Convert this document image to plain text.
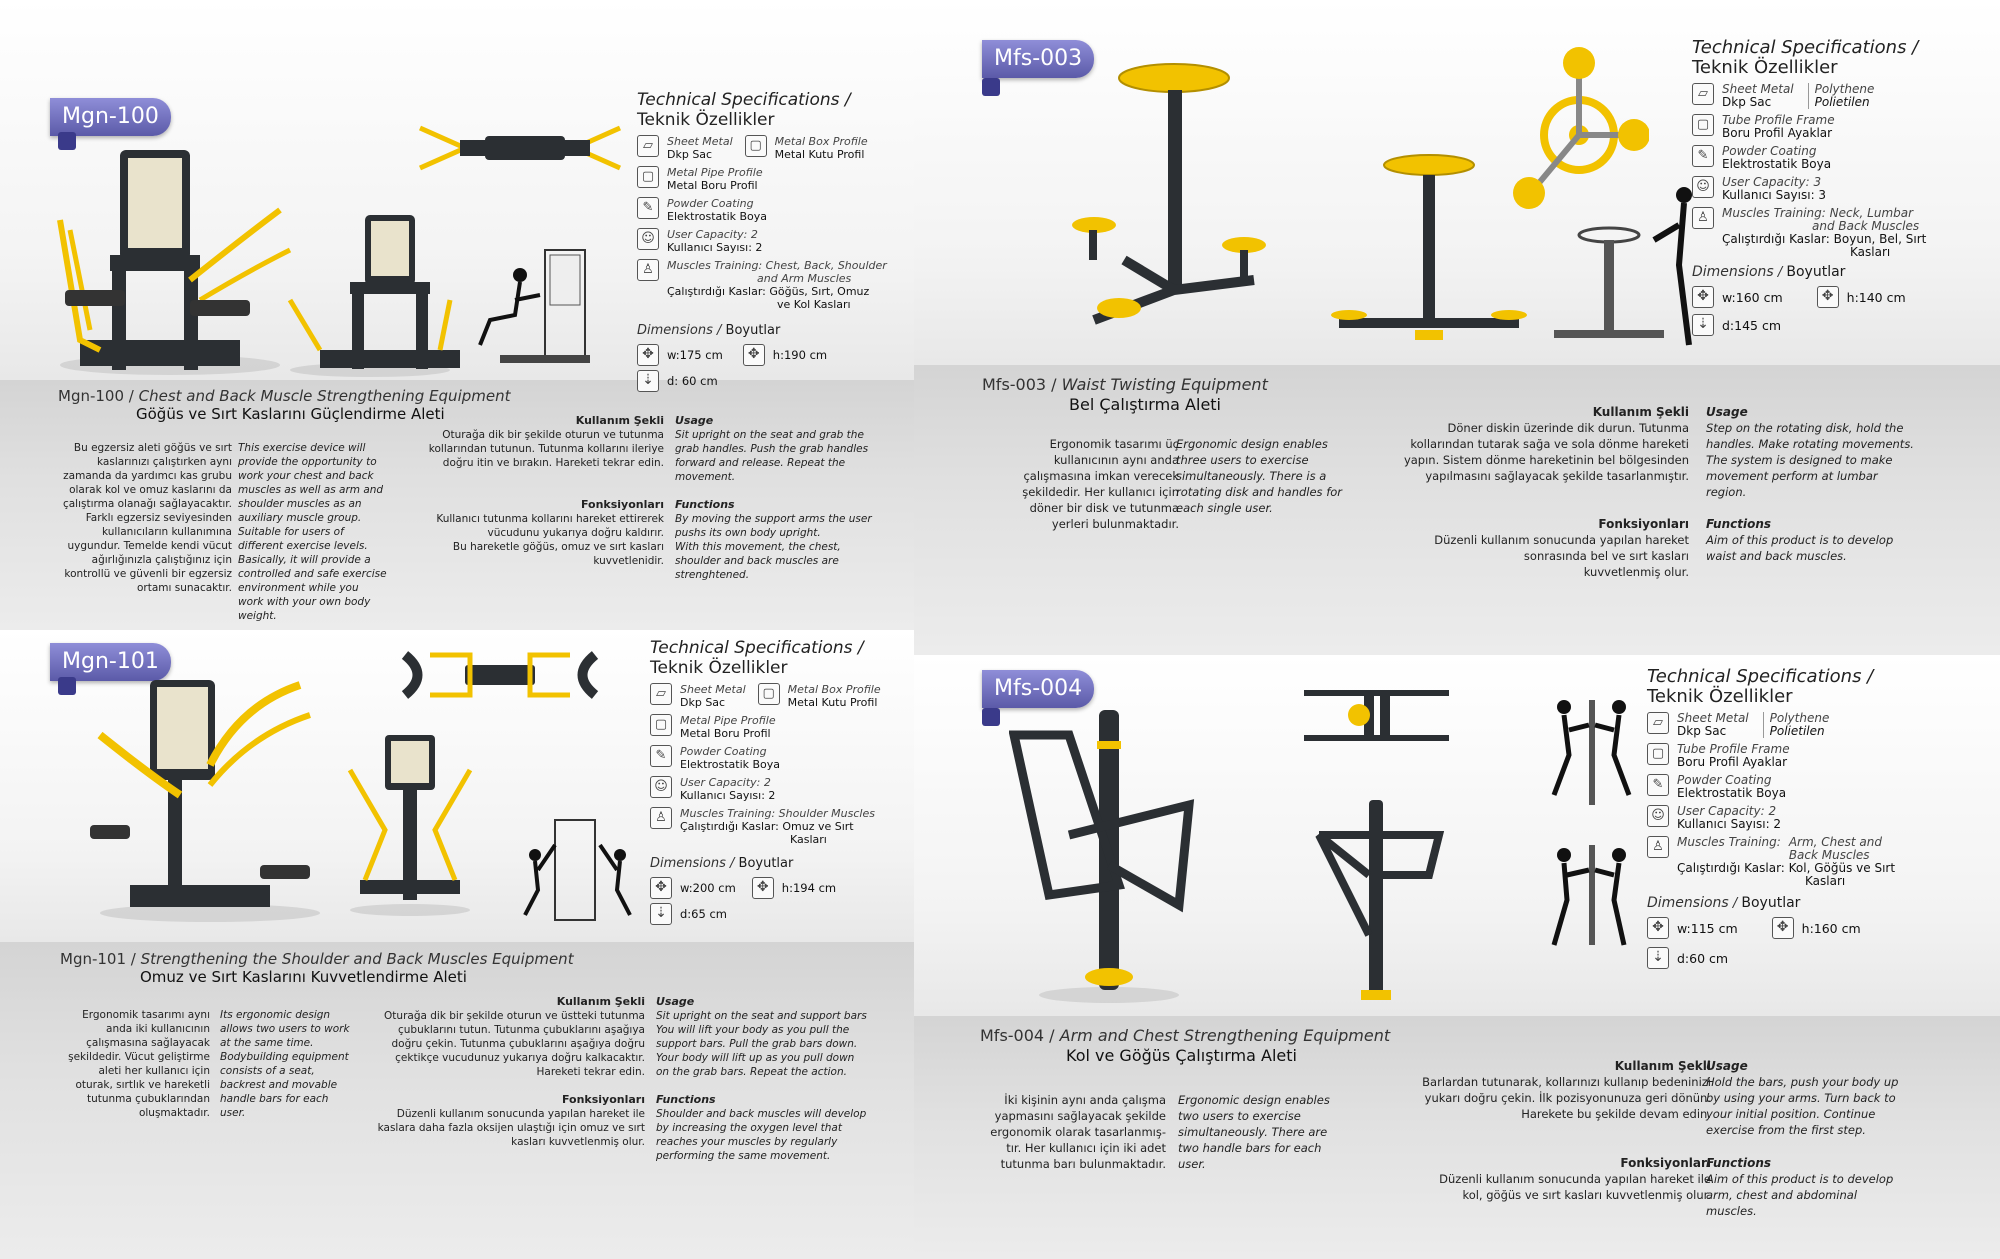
Mgn-100
Technical Specifications /
Teknik Özellikler
▱	Sheet Metal
Dkp Sac
▢	Metal Box Profile
Metal Kutu Profil
▢	Metal Pipe Profile
Metal Boru Profil
✎	Powder Coating
Elektrostatik Boya
☺	User Capacity: 2
Kullanıcı Sayısı: 2
♙	Muscles Training: Chest, Back, Shoulder
and Arm Muscles
Çalıştırdığı Kaslar: Göğüs, Sırt, Omuz
ve Kol Kasları
Dimensions / Boyutlar
✥	w:175 cm	✥	h:190 cm
⇣	d: 60 cm
Mgn-100 / Chest and Back Muscle Strengthening Equipment
Göğüs ve Sırt Kaslarını Güçlendirme Aleti
Bu egzersiz aleti göğüs ve sırt
kaslarınızı çalıştırken aynı
zamanda da yardımcı kas grubu
olarak kol ve omuz kaslarını da
çalıştırma olanağı sağlayacaktır.
Farklı egzersiz seviyesinden
kullanıcıların kullanımına
uygundur. Temelde kendi vücut
ağırlığınızla çalıştığınız için
kontrollü ve güvenli bir egzersiz
ortamı sunacaktır.
This exercise device will
provide the opportunity to
work your chest and back
muscles as well as arm and
shoulder muscles as an
auxiliary muscle group.
Suitable for users of
different exercise levels.
Basically, it will provide a
controlled and safe exercise
environment while you
work with your own body
weight.
Kullanım Şekli
Oturağa dik bir şekilde oturun ve tutunma
kollarından tutunun. Tutunma kollarını ileriye
doğru itin ve bırakın. Hareketi tekrar edin.
Usage
Sit upright on the seat and grab the
grab handles. Push the grab handles
forward and release. Repeat the
movement.
Fonksiyonları
Kullanıcı tutunma kollarını hareket ettirerek
vücudunu yukarıya doğru kaldırır.
Bu hareketle göğüs, omuz ve sırt kasları
kuvvetlenidir.
Functions
By moving the support arms the user
pushs its own body upright.
With this movement, the chest,
shoulder and back muscles are
strenghtened.
Mgn-101
Technical Specifications /
Teknik Özellikler
▱	Sheet Metal
Dkp Sac
▢	Metal Box Profile
Metal Kutu Profil
▢	Metal Pipe Profile
Metal Boru Profil
✎	Powder Coating
Elektrostatik Boya
☺	User Capacity: 2
Kullanıcı Sayısı: 2
♙	Muscles Training: Shoulder Muscles
Çalıştırdığı Kaslar: Omuz ve Sırt
Kasları
Dimensions / Boyutlar
✥	w:200 cm	✥	h:194 cm
⇣	d:65 cm
Mgn-101 / Strengthening the Shoulder and Back Muscles Equipment
Omuz ve Sırt Kaslarını Kuvvetlendirme Aleti
Ergonomik tasarımı aynı
anda iki kullanıcının
çalışmasına sağlayacak
şekildedir. Vücut geliştirme
aleti her kullanıcı için
oturak, sırtlık ve hareketli
tutunma çubuklarından
oluşmaktadır.
Its ergonomic design
allows two users to work
at the same time.
Bodybuilding equipment
consists of a seat,
backrest and movable
handle bars for each
user.
Kullanım Şekli
Oturağa dik bir şekilde oturun ve üstteki tutunma
çubuklarını tutun. Tutunma çubuklarını aşağıya
doğru çekin. Tutunma çubuklarını aşağıya doğru
çektikçe vucudunuz yukarıya doğru kalkacaktır.
Hareketi tekrar edin.
Usage
Sit upright on the seat and support bars
You will lift your body as you pull the
support bars. Pull the grab bars down.
Your body will lift up as you pull down
on the grab bars. Repeat the action.
Fonksiyonları
Düzenli kullanım sonucunda yapılan hareket ile
kaslara daha fazla oksijen ulaştığı için omuz ve sırt
kasları kuvvetlenmiş olur.
Functions
Shoulder and back muscles will develop
by increasing the oxygen level that
reaches your muscles by regularly
performing the same movement.
Mfs-003	Technical Specifications /
Teknik Özellikler
▱	Sheet Metal
Dkp Sac
Polythene
Polietilen
▢	Tube Profile Frame
Boru Profil Ayaklar
✎	Powder Coating
Elektrostatik Boya
☺	User Capacity: 3
Kullanıcı Sayısı: 3
♙	Muscles Training: Neck, Lumbar
and Back Muscles
Çalıştırdığı Kaslar: Boyun, Bel, Sırt
Kasları
Dimensions / Boyutlar
✥	w:160 cm	✥	h:140 cm
⇣	d:145 cm
Mfs-003 / Waist Twisting Equipment
Bel Çalıştırma Aleti
Ergonomik tasarımı üç
kullanıcının aynı anda
çalışmasına imkan verecek
şekildedir. Her kullanıcı için
döner bir disk ve tutunma
yerleri bulunmaktadır.
Ergonomic design enables
three users to exercise
simultaneously. There is a
rotating disk and handles for
each single user.
Kullanım Şekli
Döner diskin üzerinde dik durun. Tutunma
kollarından tutarak sağa ve sola dönme hareketi
yapın. Sistem dönme hareketinin bel bölgesinden
yapılmasını sağlayacak şekilde tasarlanmıştır.
Usage
Step on the rotating disk, hold the
handles. Make rotating movements.
The system is designed to make
movement perform at lumbar
region.
Fonksiyonları
Düzenli kullanım sonucunda yapılan hareket
sonrasında bel ve sırt kasları
kuvvetlenmiş olur.
Functions
Aim of this product is to develop
waist and back muscles.
Mfs-004	Technical Specifications /
Teknik Özellikler
▱	Sheet Metal
Dkp Sac
Polythene
Polietilen
▢	Tube Profile Frame
Boru Profil Ayaklar
✎	Powder Coating
Elektrostatik Boya
☺	User Capacity: 2
Kullanıcı Sayısı: 2
♙	Muscles Training: Arm, Chest and
Back Muscles
Çalıştırdığı Kaslar: Kol, Göğüs ve Sırt
Kasları
Dimensions / Boyutlar
✥	w:115 cm	✥	h:160 cm
⇣	d:60 cm
Mfs-004 / Arm and Chest Strengthening Equipment
Kol ve Göğüs Çalıştırma Aleti
İki kişinin aynı anda çalışma
yapmasını sağlayacak şekilde
ergonomik olarak tasarlanmış-
tır. Her kullanıcı için iki adet
tutunma barı bulunmaktadır.
Ergonomic design enables
two users to exercise
simultaneously. There are
two handle bars for each
user.
Kullanım Şekli
Barlardan tutunarak, kollarınızı kullanıp bedeninizi
yukarı doğru çekin. İlk pozisyonunuza geri dönün.
Harekete bu şekilde devam edin.
Usage
Hold the bars, push your body up
by using your arms. Turn back to
your initial position. Continue
exercise from the first step.
Fonksiyonları
Düzenli kullanım sonucunda yapılan hareket ile
kol, göğüs ve sırt kasları kuvvetlenmiş olur.
Functions
Aim of this product is to develop
arm, chest and abdominal
muscles.
